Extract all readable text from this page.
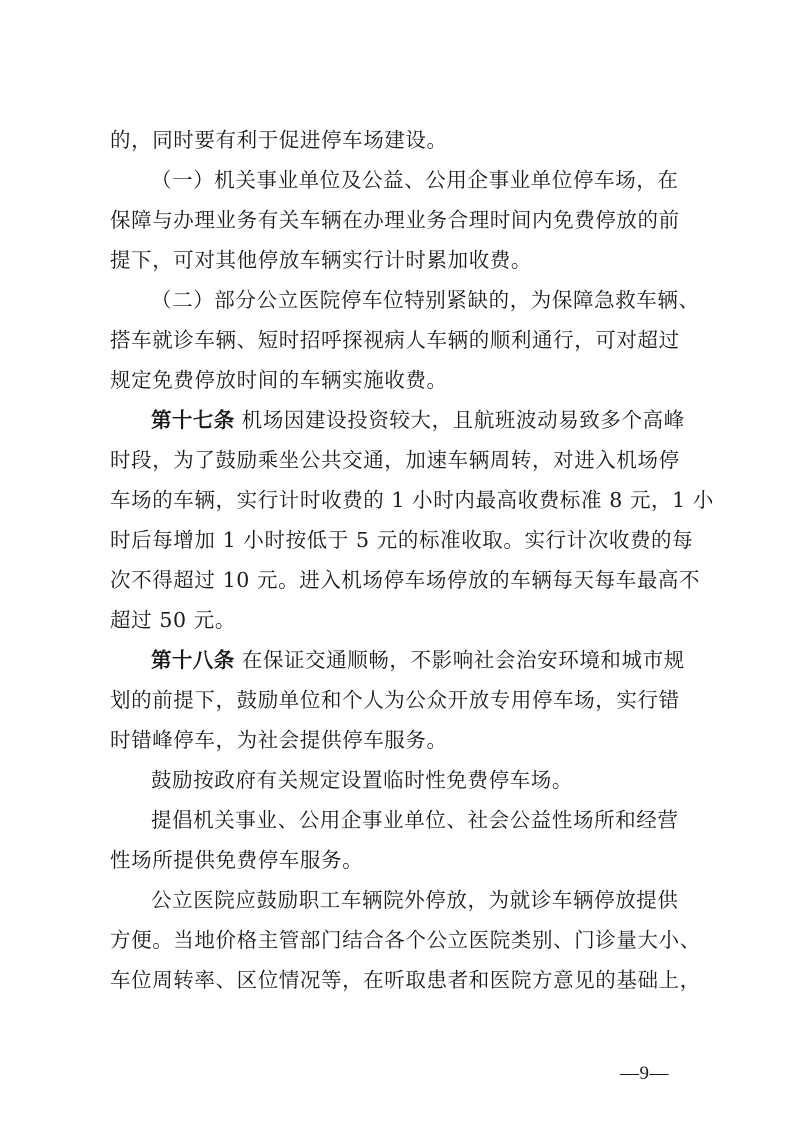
的，同时要有利于促进停车场建设。

（一）机关事业单位及公益、公用企事业单位停车场，在
保障与办理业务有关车辆在办理业务合理时间内免费停放的前
提下，可对其他停放车辆实行计时累加收费。

（二）部分公立医院停车位特别紧缺的，为保障急救车辆、
搭车就诊车辆、短时招呼探视病人车辆的顺利通行，可对超过
规定免费停放时间的车辆实施收费。

第十七条 机场因建设投资较大，且航班波动易致多个高峰
时段，为了鼓励乘坐公共交通，加速车辆周转，对进入机场停
车场的车辆，实行计时收费的 1 小时内最高收费标准 8 元，1 小
时后每增加 1 小时按低于 5 元的标准收取。实行计次收费的每
次不得超过 10 元。进入机场停车场停放的车辆每天每车最高不
超过 50 元。

第十八条 在保证交通顺畅，不影响社会治安环境和城市规
划的前提下，鼓励单位和个人为公众开放专用停车场，实行错
时错峰停车，为社会提供停车服务。

鼓励按政府有关规定设置临时性免费停车场。

提倡机关事业、公用企事业单位、社会公益性场所和经营
性场所提供免费停车服务。

公立医院应鼓励职工车辆院外停放，为就诊车辆停放提供
方便。当地价格主管部门结合各个公立医院类别、门诊量大小、
车位周转率、区位情况等，在听取患者和医院方意见的基础上，

—9—
